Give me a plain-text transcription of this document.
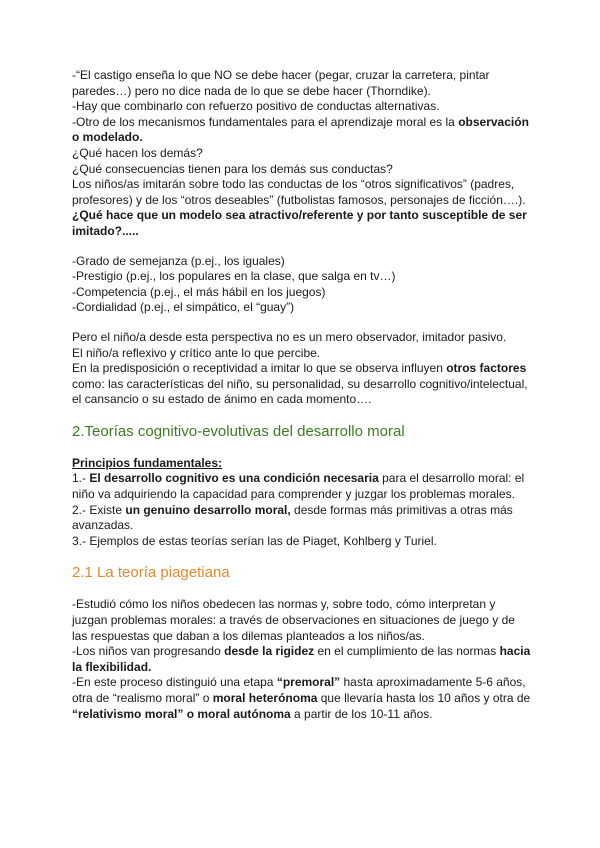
-“El castigo enseña lo que NO se debe hacer (pegar, cruzar la carretera, pintar paredes…) pero no dice nada de lo que se debe hacer (Thorndike).

-Hay que combinarlo con refuerzo positivo de conductas alternativas.

-Otro de los mecanismos fundamentales para el aprendizaje moral es la observación o modelado.

¿Qué hacen los demás?

¿Qué consecuencias tienen para los demás sus conductas?

Los niños/as imitarán sobre todo las conductas de los “otros significativos” (padres, profesores) y de los “otros deseables” (futbolistas famosos, personajes de ficción….). ¿Qué hace que un modelo sea atractivo/referente y por tanto susceptible de ser imitado?.....

-Grado de semejanza (p.ej., los iguales)

-Prestigio (p.ej., los populares en la clase, que salga en tv…)

-Competencia (p.ej., el más hábil en los juegos)

-Cordialidad (p.ej., el simpático, el “guay”)

Pero el niño/a desde esta perspectiva no es un mero observador, imitador pasivo.

El niño/a reflexivo y crítico ante lo que percibe.

En la predisposición o receptividad a imitar lo que se observa influyen otros factores como: las características del niño, su personalidad, su desarrollo cognitivo/intelectual, el cansancio o su estado de ánimo en cada momento….

2.Teorías cognitivo-evolutivas del desarrollo moral

Principios fundamentales:

1.- El desarrollo cognitivo es una condición necesaria para el desarrollo moral: el niño va adquiriendo la capacidad para comprender y juzgar los problemas morales.

2.- Existe un genuino desarrollo moral, desde formas más primitivas a otras más avanzadas.

3.- Ejemplos de estas teorías serían las de Piaget, Kohlberg y Turiel.

2.1 La teoría piagetiana

-Estudió cómo los niños obedecen las normas y, sobre todo, cómo interpretan y juzgan problemas morales: a través de observaciones en situaciones de juego y de las respuestas que daban a los dilemas planteados a los niños/as.

-Los niños van progresando desde la rigidez en el cumplimiento de las normas hacia la flexibilidad.

-En este proceso distinguió una etapa “premoral” hasta aproximadamente 5-6 años, otra de “realismo moral” o moral heterónoma que llevaría hasta los 10 años y otra de “relativismo moral” o moral autónoma a partir de los 10-11 años.
